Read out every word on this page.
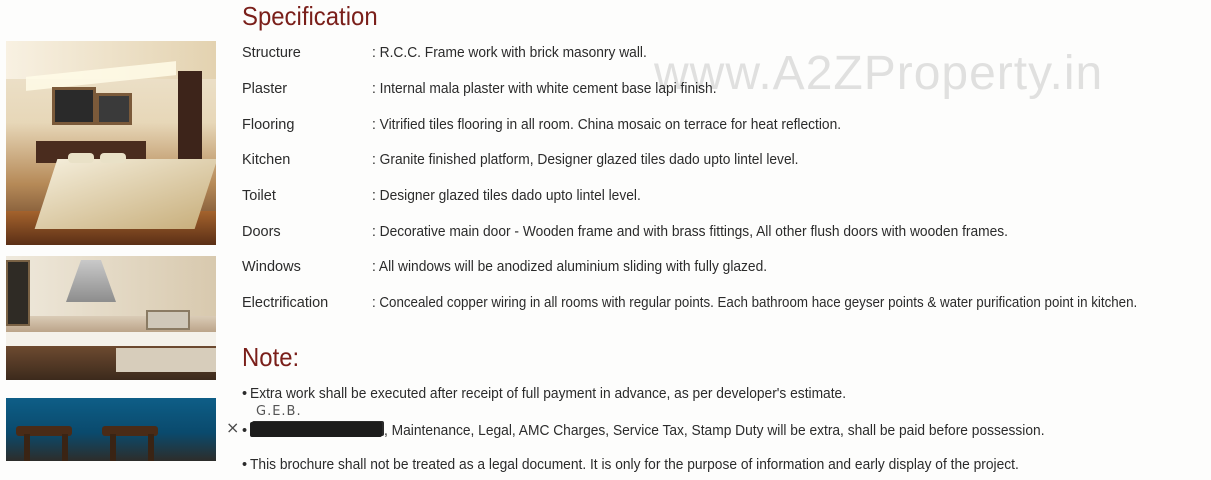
www.A2ZProperty.in
Specification
Structure	: R.C.C. Frame work with brick masonry wall.
Plaster	: Internal mala plaster with white cement base lapi finish.
Flooring	: Vitrified tiles flooring in all room. China mosaic on terrace for heat reflection.
Kitchen	: Granite finished platform, Designer glazed tiles dado upto lintel level.
Toilet	: Designer glazed tiles dado upto lintel level.
Doors	: Decorative main door - Wooden frame and with brass fittings, All other flush doors with wooden frames.
Windows	: All windows will be anodized aluminium sliding with fully glazed.
Electrification	: Concealed copper wiring in all rooms with regular points. Each bathroom hace geyser points & water purification point in kitchen.
Note:
• Extra work shall be executed after receipt of full payment in advance, as per developer's estimate.
G.E.B.
× •	, Maintenance, Legal, AMC Charges, Service Tax, Stamp Duty will be extra, shall be paid before possession.
• This brochure shall not be treated as a legal document. It is only for the purpose of information and early display of the project.
